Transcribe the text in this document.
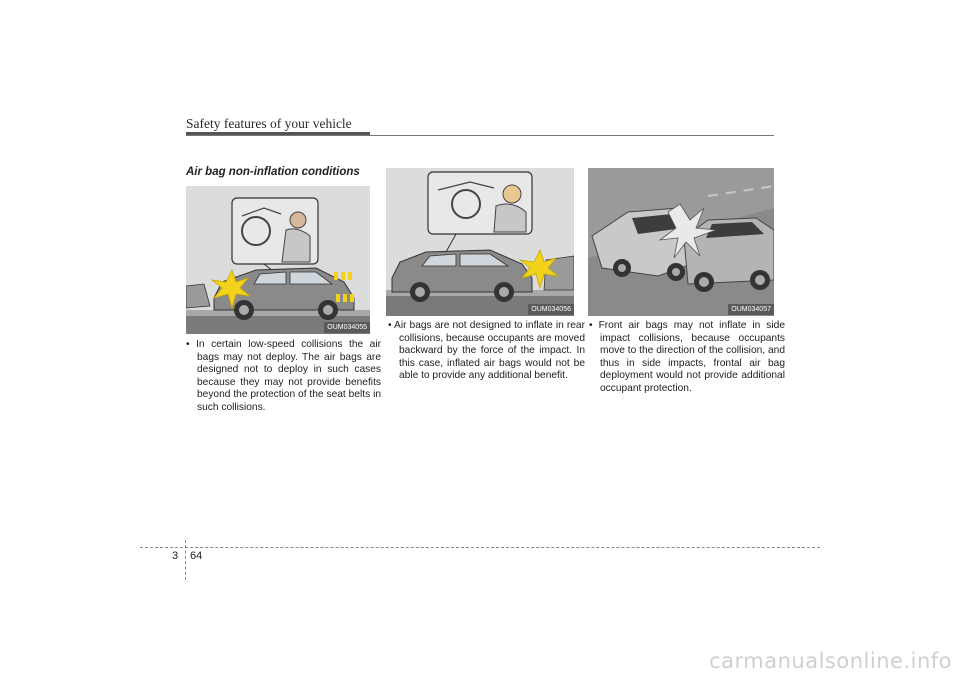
Safety features of your vehicle
Air bag non-inflation conditions
OUM034055
OUM034056	OUM034057
• In certain low-speed collisions the air bags may not deploy. The air bags are designed not to deploy in such cases because they may not provide benefits beyond the protection of the seat belts in such collisions.
• Air bags are not designed to inflate in rear collisions, because occupants are moved backward by the force of the impact. In this case, inflated air bags would not be able to provide any additional benefit.
• Front air bags may not inflate in side impact collisions, because occupants move to the direction of the collision, and thus in side impacts, frontal air bag deployment would not provide additional occupant protection.
3 64
carmanualsonline.info
